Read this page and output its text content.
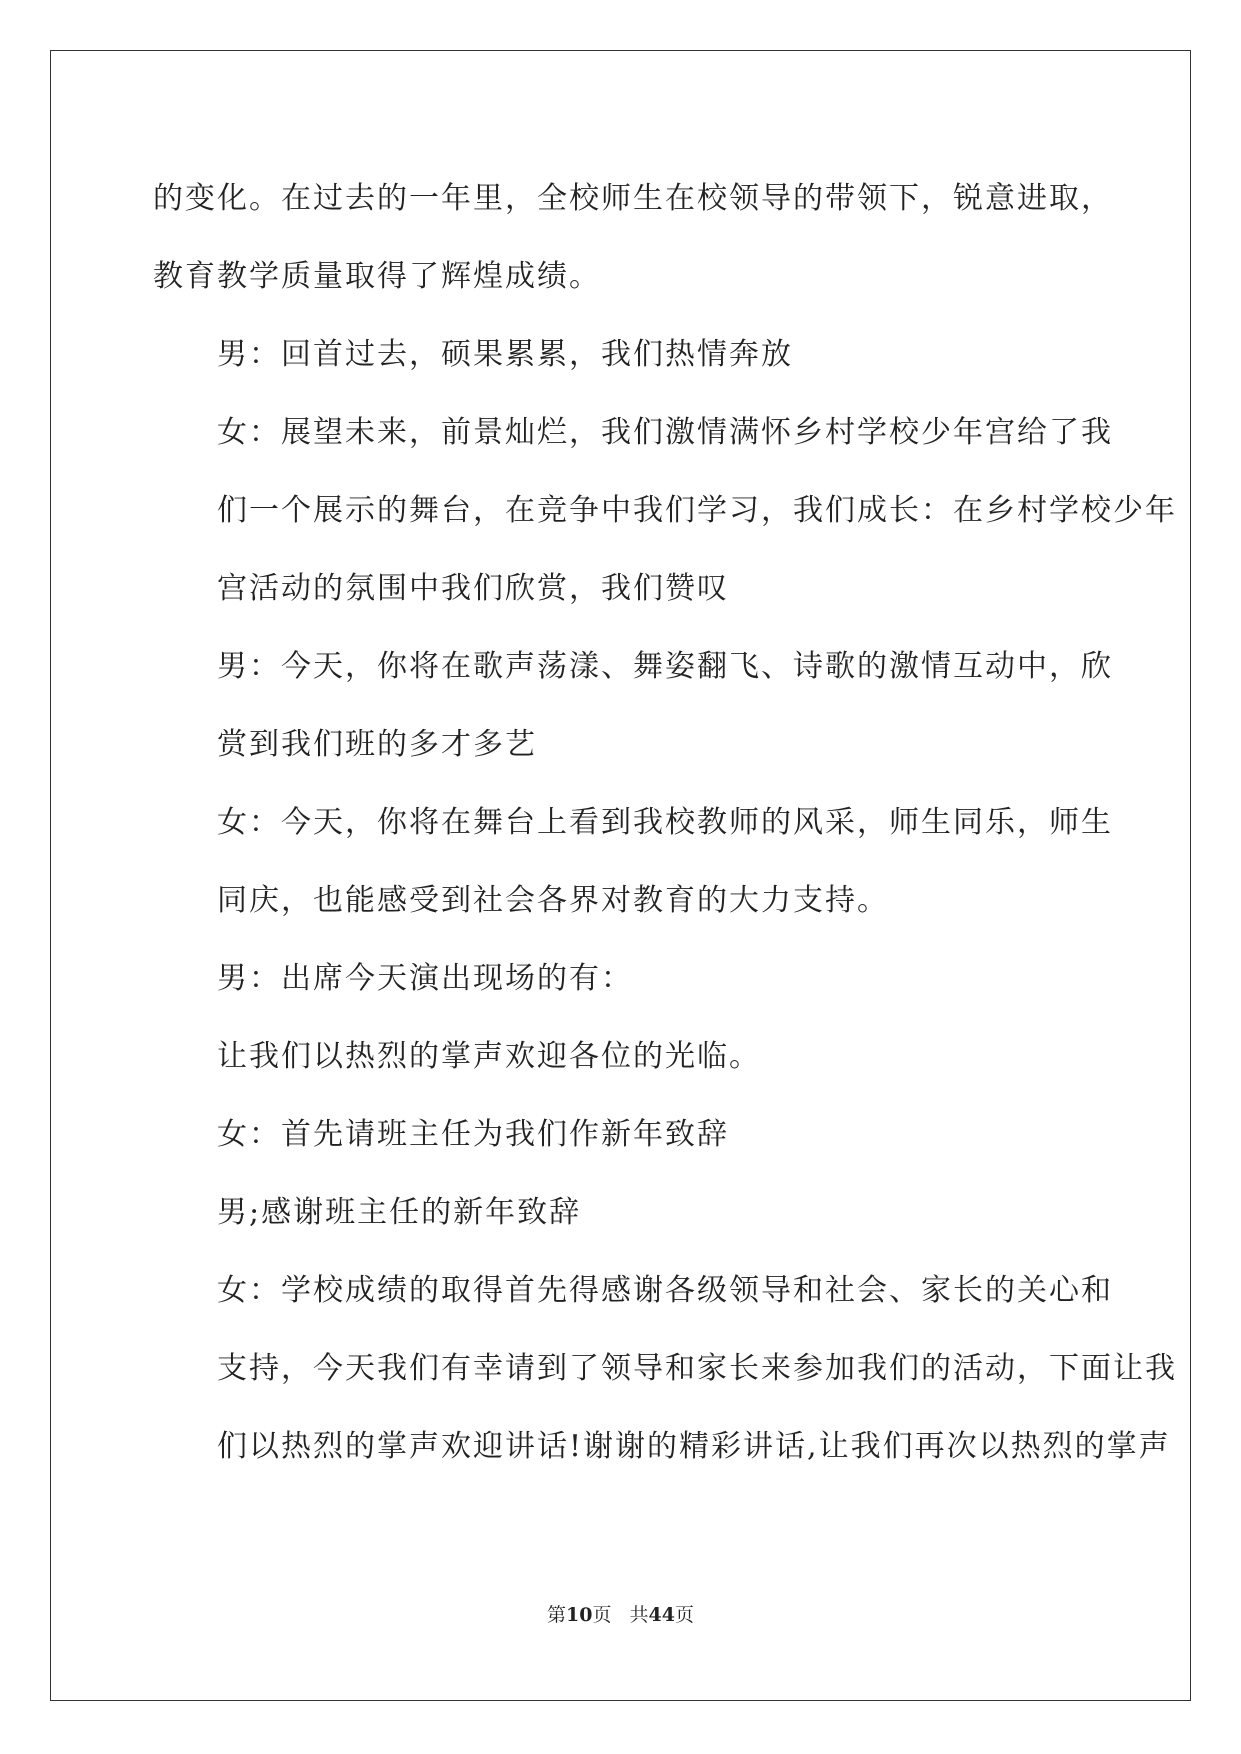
的变化。在过去的一年里，全校师生在校领导的带领下，锐意进取，
教育教学质量取得了辉煌成绩。

男：回首过去，硕果累累，我们热情奔放

女：展望未来，前景灿烂，我们激情满怀乡村学校少年宫给了我
们一个展示的舞台，在竞争中我们学习，我们成长：在乡村学校少年
宫活动的氛围中我们欣赏，我们赞叹

男：今天，你将在歌声荡漾、舞姿翻飞、诗歌的激情互动中，欣
赏到我们班的多才多艺

女：今天，你将在舞台上看到我校教师的风采，师生同乐，师生
同庆，也能感受到社会各界对教育的大力支持。

男：出席今天演出现场的有：

让我们以热烈的掌声欢迎各位的光临。

女：首先请班主任为我们作新年致辞

男;感谢班主任的新年致辞

女：学校成绩的取得首先得感谢各级领导和社会、家长的关心和
支持，今天我们有幸请到了领导和家长来参加我们的活动，下面让我
们以热烈的掌声欢迎讲话!谢谢的精彩讲话,让我们再次以热烈的掌声

第10页 共44页
